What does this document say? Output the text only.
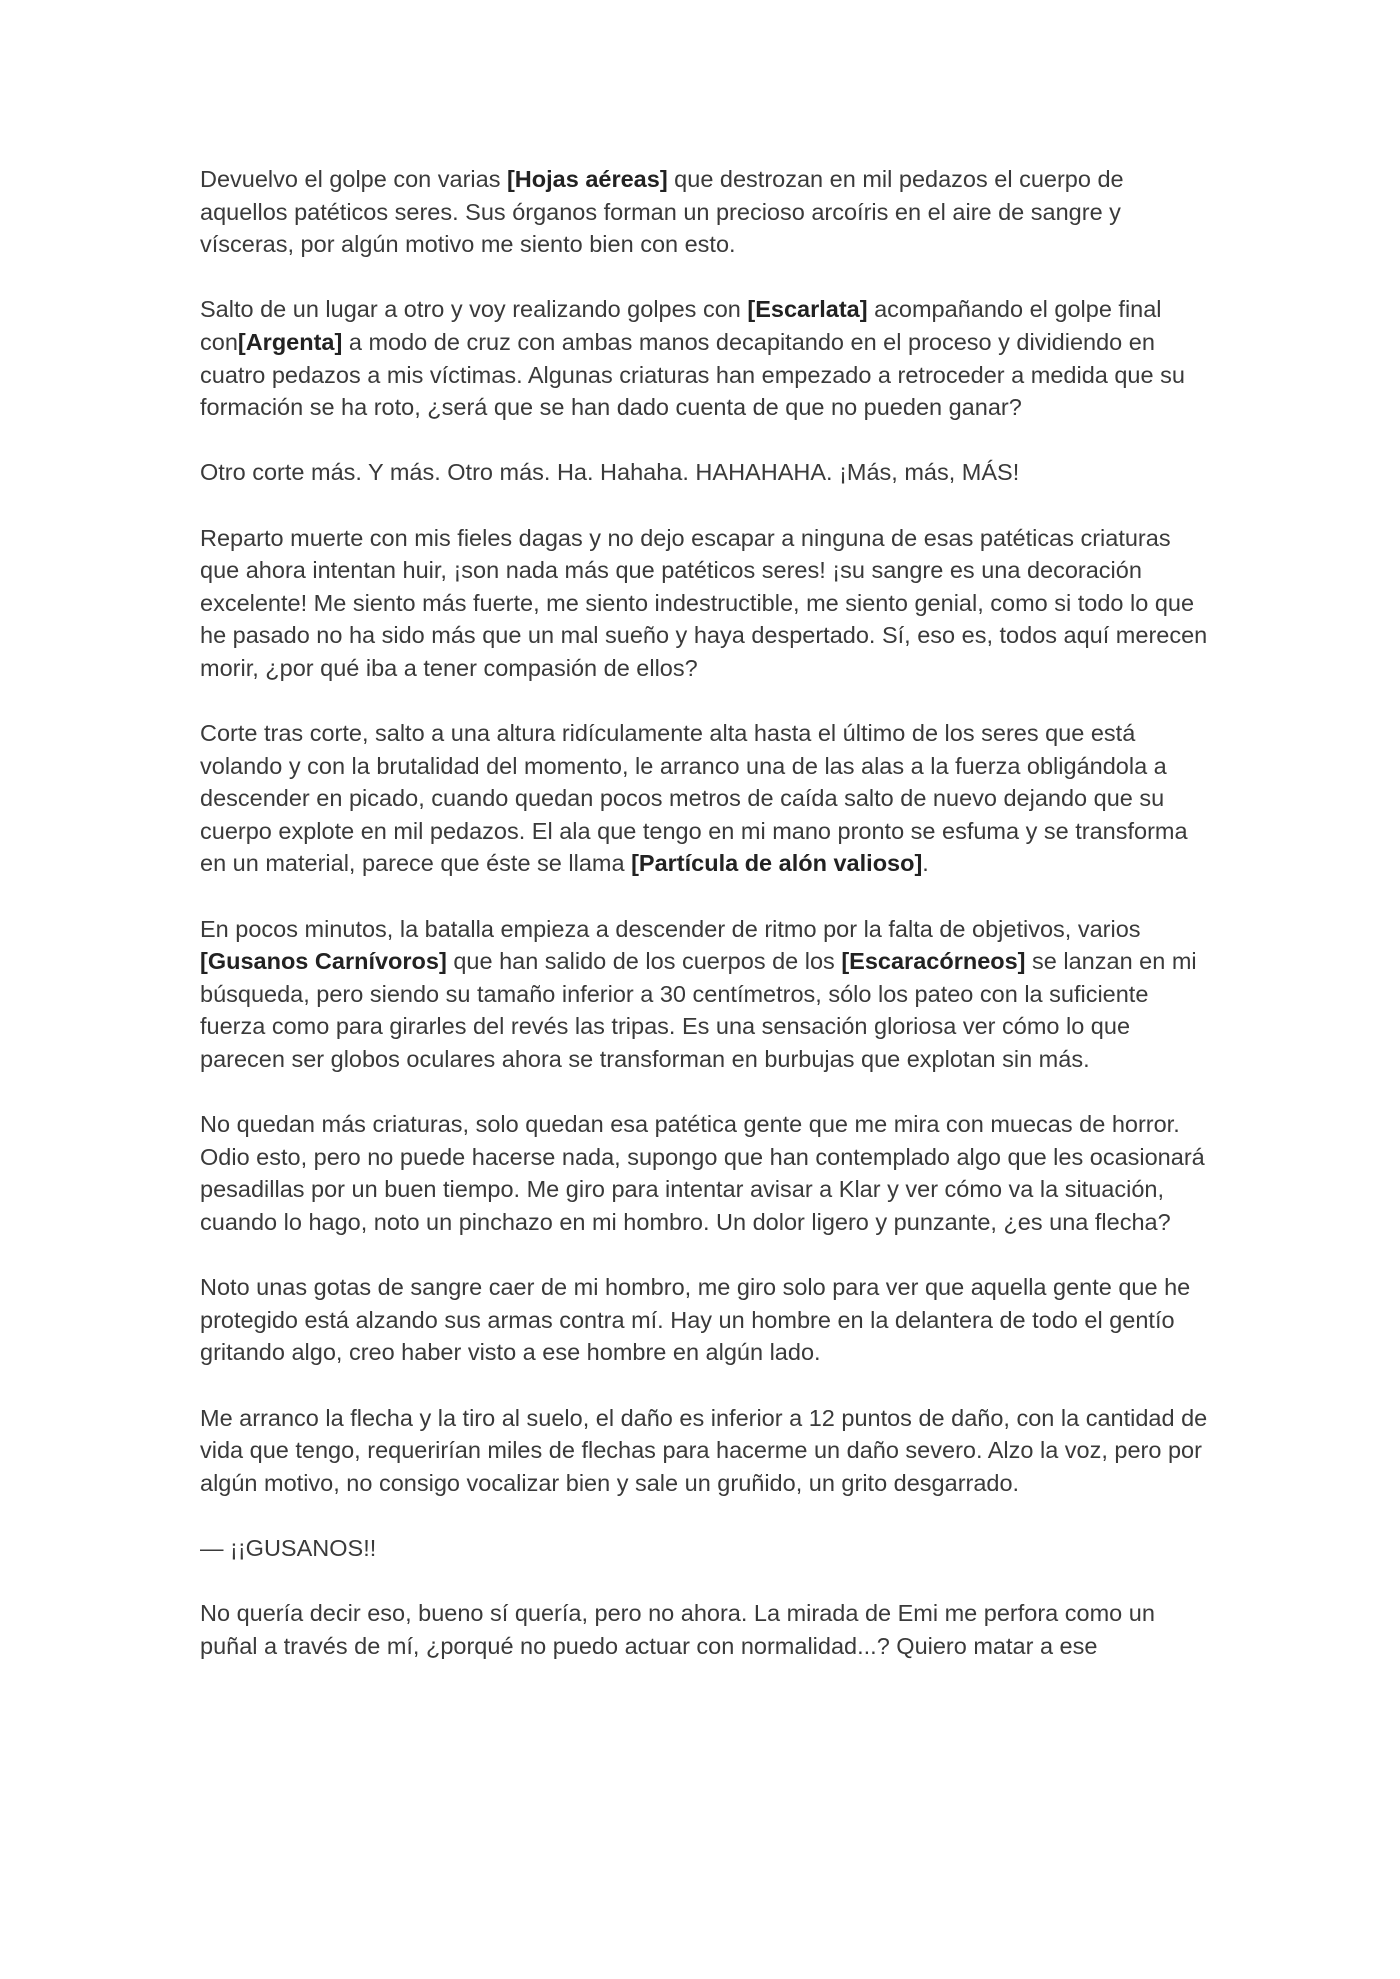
Devuelvo el golpe con varias [Hojas aéreas] que destrozan en mil pedazos el cuerpo de aquellos patéticos seres. Sus órganos forman un precioso arcoíris en el aire de sangre y vísceras, por algún motivo me siento bien con esto.

Salto de un lugar a otro y voy realizando golpes con [Escarlata] acompañando el golpe final con[Argenta] a modo de cruz con ambas manos decapitando en el proceso y dividiendo en cuatro pedazos a mis víctimas. Algunas criaturas han empezado a retroceder a medida que su formación se ha roto, ¿será que se han dado cuenta de que no pueden ganar?

Otro corte más. Y más. Otro más. Ha. Hahaha. HAHAHAHA. ¡Más, más, MÁS!

Reparto muerte con mis fieles dagas y no dejo escapar a ninguna de esas patéticas criaturas que ahora intentan huir, ¡son nada más que patéticos seres! ¡su sangre es una decoración excelente! Me siento más fuerte, me siento indestructible, me siento genial, como si todo lo que he pasado no ha sido más que un mal sueño y haya despertado. Sí, eso es, todos aquí merecen morir, ¿por qué iba a tener compasión de ellos?

Corte tras corte, salto a una altura ridículamente alta hasta el último de los seres que está volando y con la brutalidad del momento, le arranco una de las alas a la fuerza obligándola a descender en picado, cuando quedan pocos metros de caída salto de nuevo dejando que su cuerpo explote en mil pedazos. El ala que tengo en mi mano pronto se esfuma y se transforma en un material, parece que éste se llama [Partícula de alón valioso].

En pocos minutos, la batalla empieza a descender de ritmo por la falta de objetivos, varios [Gusanos Carnívoros] que han salido de los cuerpos de los [Escaracórneos] se lanzan en mi búsqueda, pero siendo su tamaño inferior a 30 centímetros, sólo los pateo con la suficiente fuerza como para girarles del revés las tripas. Es una sensación gloriosa ver cómo lo que parecen ser globos oculares ahora se transforman en burbujas que explotan sin más.

No quedan más criaturas, solo quedan esa patética gente que me mira con muecas de horror. Odio esto, pero no puede hacerse nada, supongo que han contemplado algo que les ocasionará pesadillas por un buen tiempo. Me giro para intentar avisar a Klar y ver cómo va la situación, cuando lo hago, noto un pinchazo en mi hombro. Un dolor ligero y punzante, ¿es una flecha?

Noto unas gotas de sangre caer de mi hombro, me giro solo para ver que aquella gente que he protegido está alzando sus armas contra mí. Hay un hombre en la delantera de todo el gentío gritando algo, creo haber visto a ese hombre en algún lado.

Me arranco la flecha y la tiro al suelo, el daño es inferior a 12 puntos de daño, con la cantidad de vida que tengo, requerirían miles de flechas para hacerme un daño severo. Alzo la voz, pero por algún motivo, no consigo vocalizar bien y sale un gruñido, un grito desgarrado.

— ¡¡GUSANOS!!

No quería decir eso, bueno sí quería, pero no ahora. La mirada de Emi me perfora como un puñal a través de mí, ¿porqué no puedo actuar con normalidad...? Quiero matar a ese
